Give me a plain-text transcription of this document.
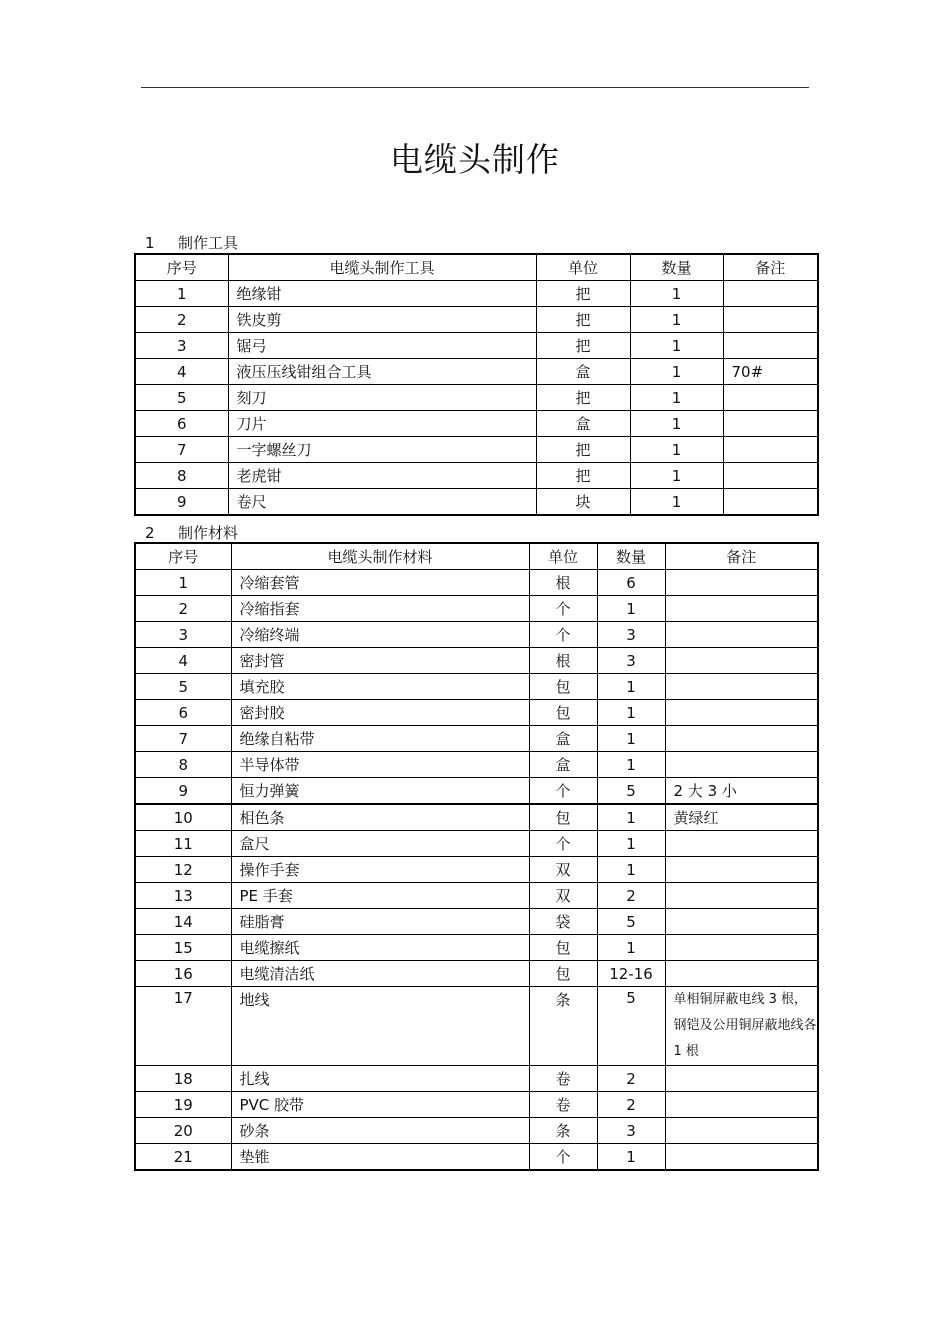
电缆头制作
1 制作工具
序号	电缆头制作工具	单位	数量	备注
1	绝缘钳	把	1	
2	铁皮剪	把	1	
3	锯弓	把	1	
4	液压压线钳组合工具	盒	1	70#
5	刻刀	把	1	
6	刀片	盒	1	
7	一字螺丝刀	把	1	
8	老虎钳	把	1	
9	卷尺	块	1	
2 制作材料
序号	电缆头制作材料	单位	数量	备注
1	冷缩套管	根	6	
2	冷缩指套	个	1	
3	冷缩终端	个	3	
4	密封管	根	3	
5	填充胶	包	1	
6	密封胶	包	1	
7	绝缘自粘带	盒	1	
8	半导体带	盒	1	
9	恒力弹簧	个	5	2 大 3 小
10	相色条	包	1	黄绿红
11	盒尺	个	1	
12	操作手套	双	1	
13	PE 手套	双	2	
14	硅脂膏	袋	5	
15	电缆擦纸	包	1	
16	电缆清洁纸	包	12-16	
17	地线	条	5	单相铜屏蔽电线 3 根，钢铠及公用铜屏蔽地线各 1 根
18	扎线	卷	2	
19	PVC 胶带	卷	2	
20	砂条	条	3	
21	垫锥	个	1	
